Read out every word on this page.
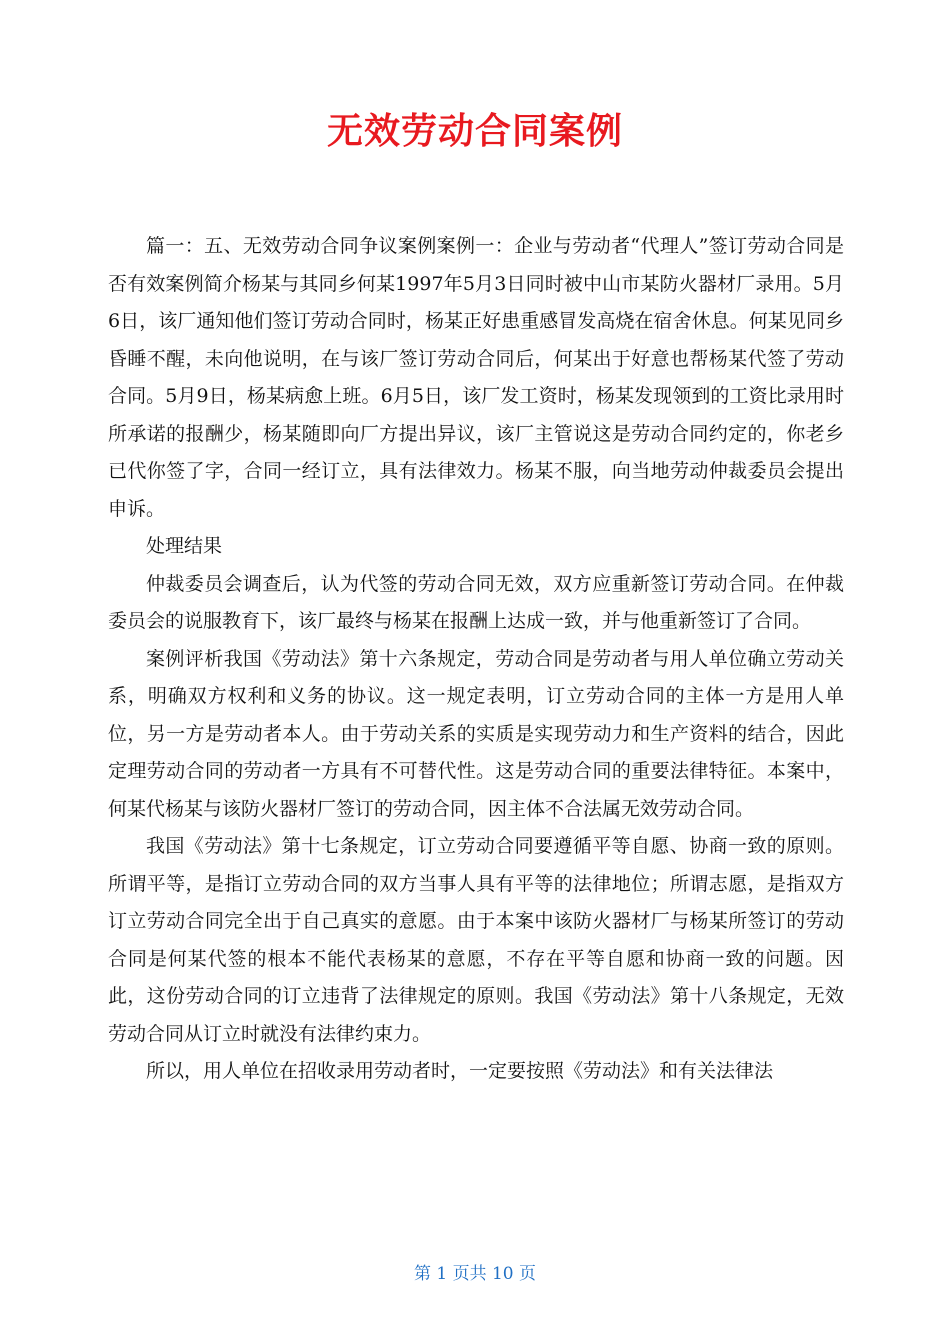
无效劳动合同案例

篇一：五、无效劳动合同争议案例案例一：企业与劳动者“代理人”签订劳动合同是否有效案例简介杨某与其同乡何某1997年5月3日同时被中山市某防火器材厂录用。5月6日，该厂通知他们签订劳动合同时，杨某正好患重感冒发高烧在宿舍休息。何某见同乡昏睡不醒，未向他说明，在与该厂签订劳动合同后，何某出于好意也帮杨某代签了劳动合同。5月9日，杨某病愈上班。6月5日，该厂发工资时，杨某发现领到的工资比录用时所承诺的报酬少，杨某随即向厂方提出异议，该厂主管说这是劳动合同约定的，你老乡已代你签了字，合同一经订立，具有法律效力。杨某不服，向当地劳动仲裁委员会提出申诉。

处理结果

仲裁委员会调查后，认为代签的劳动合同无效，双方应重新签订劳动合同。在仲裁委员会的说服教育下，该厂最终与杨某在报酬上达成一致，并与他重新签订了合同。

案例评析我国《劳动法》第十六条规定，劳动合同是劳动者与用人单位确立劳动关系，明确双方权利和义务的协议。这一规定表明，订立劳动合同的主体一方是用人单位，另一方是劳动者本人。由于劳动关系的实质是实现劳动力和生产资料的结合，因此定理劳动合同的劳动者一方具有不可替代性。这是劳动合同的重要法律特征。本案中，何某代杨某与该防火器材厂签订的劳动合同，因主体不合法属无效劳动合同。

我国《劳动法》第十七条规定，订立劳动合同要遵循平等自愿、协商一致的原则。所谓平等，是指订立劳动合同的双方当事人具有平等的法律地位；所谓志愿，是指双方订立劳动合同完全出于自己真实的意愿。由于本案中该防火器材厂与杨某所签订的劳动合同是何某代签的根本不能代表杨某的意愿，不存在平等自愿和协商一致的问题。因此，这份劳动合同的订立违背了法律规定的原则。我国《劳动法》第十八条规定，无效劳动合同从订立时就没有法律约束力。

所以，用人单位在招收录用劳动者时，一定要按照《劳动法》和有关法律法

第 1 页共 10 页
